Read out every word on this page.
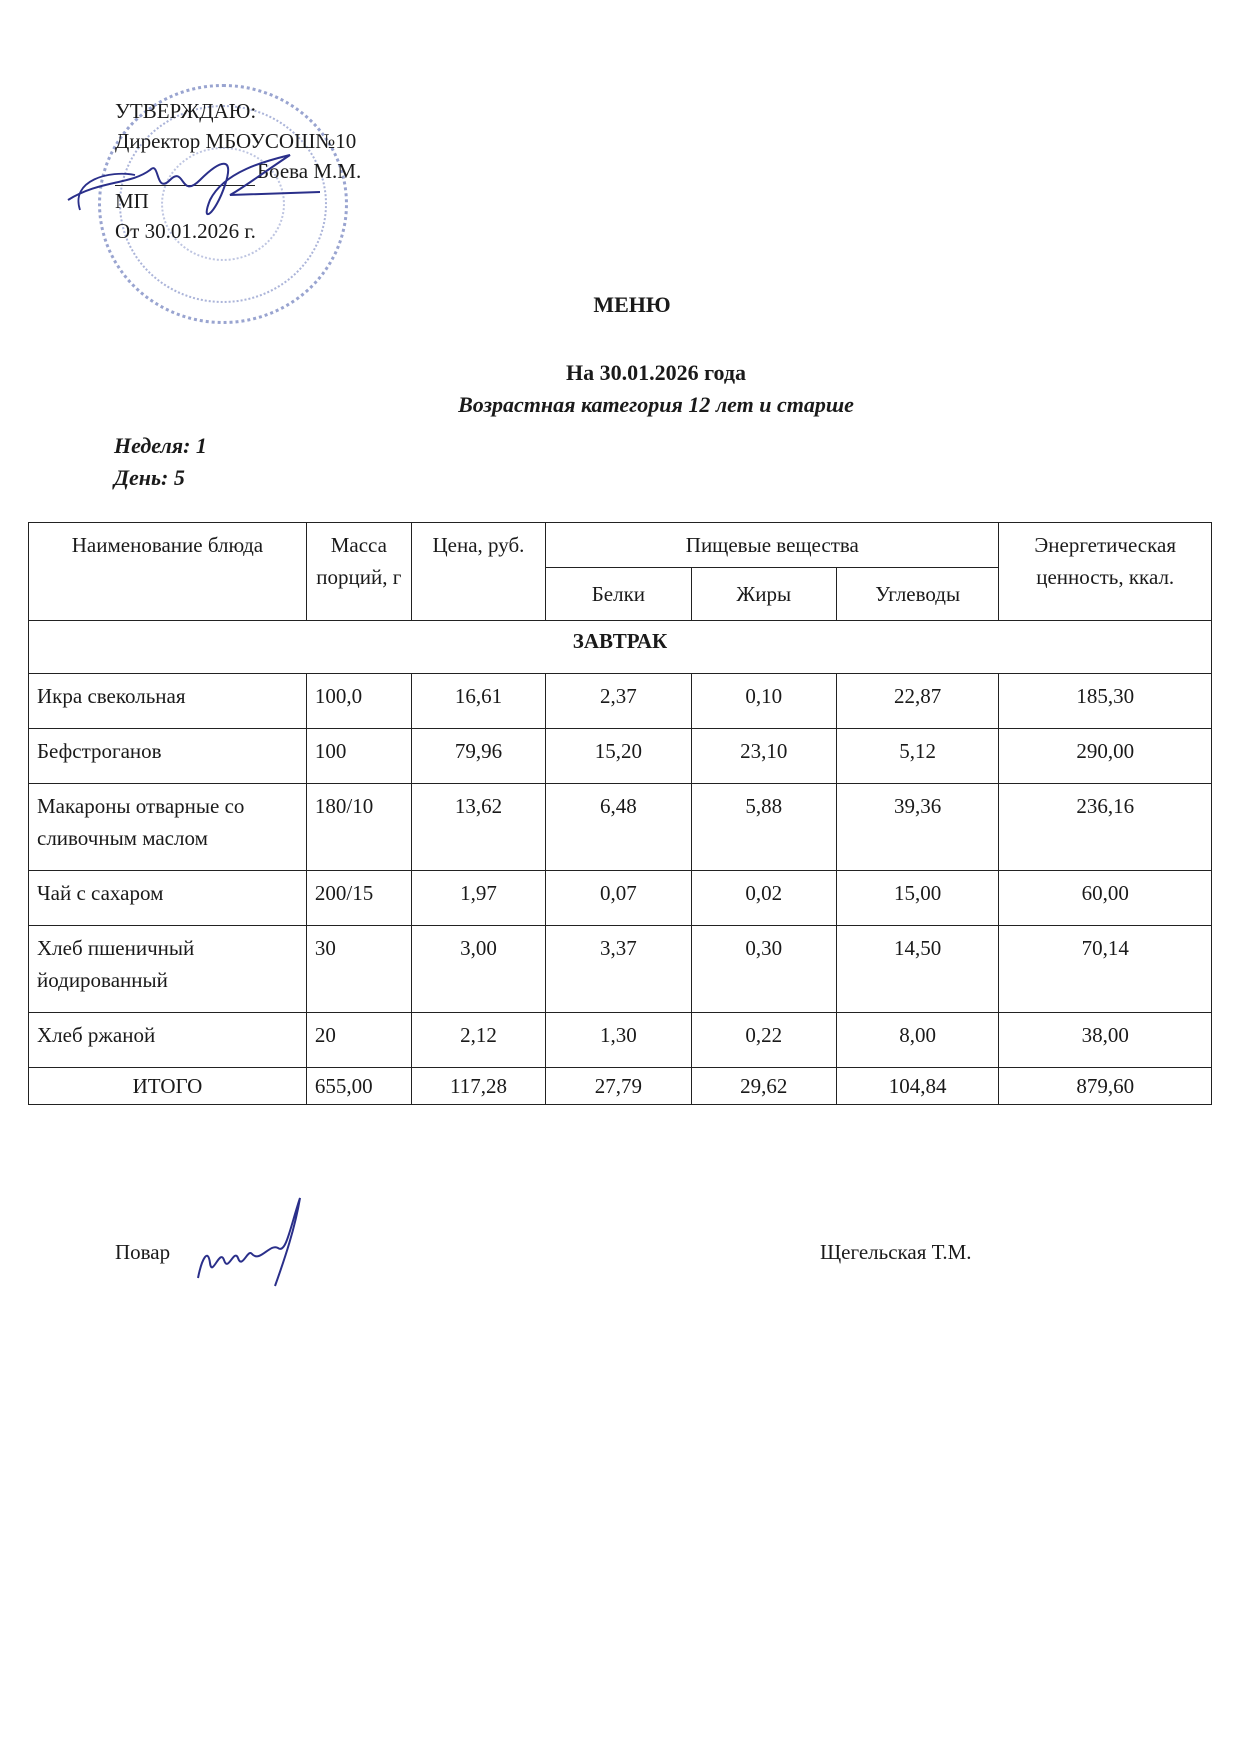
УТВЕРЖДАЮ:
Директор МБОУСОШ№10
Боева М.М.
МП
От 30.01.2026 г.
МЕНЮ
На 30.01.2026 года
Возрастная категория 12 лет и старше
Неделя: 1
День: 5
Наименование блюда	Масса порций, г	Цена, руб.	Пищевые вещества			Энергетическая ценность, ккал.
			Белки	Жиры	Углеводы	
ЗАВТРАК						
Икра свекольная	100,0	16,61	2,37	0,10	22,87	185,30
Бефстроганов	100	79,96	15,20	23,10	5,12	290,00
Макароны отварные со сливочным маслом	180/10	13,62	6,48	5,88	39,36	236,16
Чай с сахаром	200/15	1,97	0,07	0,02	15,00	60,00
Хлеб пшеничный йодированный	30	3,00	3,37	0,30	14,50	70,14
Хлеб ржаной	20	2,12	1,30	0,22	8,00	38,00
ИТОГО	655,00	117,28	27,79	29,62	104,84	879,60
Повар	Щегельская Т.М.
